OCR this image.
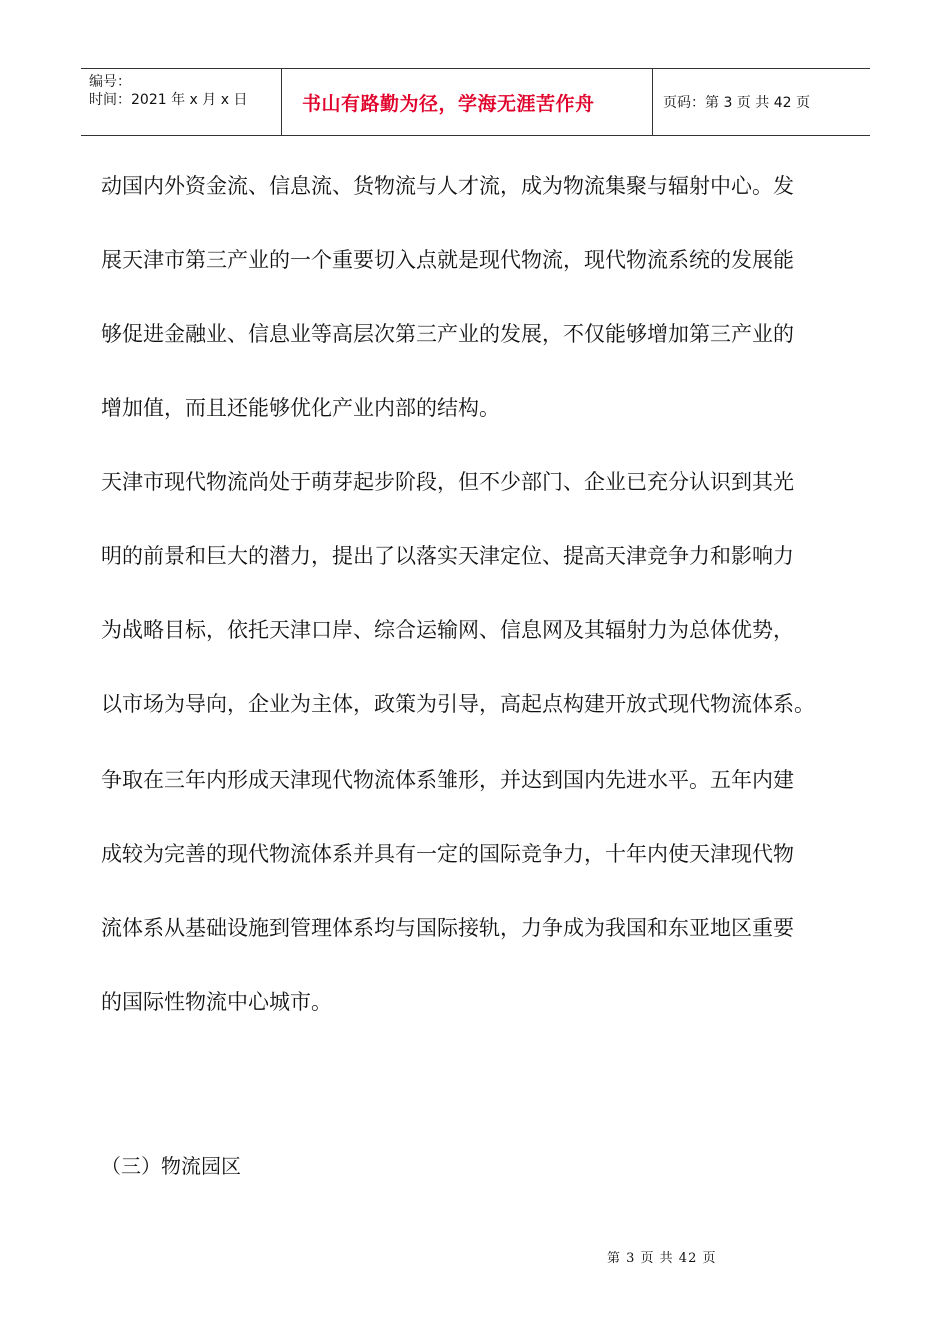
编号：
时间：2021 年 x 月 x 日	书山有路勤为径，学海无涯苦作舟	页码：第 3 页 共 42 页

动国内外资金流、信息流、货物流与人才流，成为物流集聚与辐射中心。发

展天津市第三产业的一个重要切入点就是现代物流，现代物流系统的发展能

够促进金融业、信息业等高层次第三产业的发展，不仅能够增加第三产业的

增加值，而且还能够优化产业内部的结构。

天津市现代物流尚处于萌芽起步阶段，但不少部门、企业已充分认识到其光

明的前景和巨大的潜力，提出了以落实天津定位、提高天津竞争力和影响力

为战略目标，依托天津口岸、综合运输网、信息网及其辐射力为总体优势，

以市场为导向，企业为主体，政策为引导，高起点构建开放式现代物流体系。

争取在三年内形成天津现代物流体系雏形，并达到国内先进水平。五年内建

成较为完善的现代物流体系并具有一定的国际竞争力，十年内使天津现代物

流体系从基础设施到管理体系均与国际接轨，力争成为我国和东亚地区重要

的国际性物流中心城市。

（三）物流园区

第 3 页 共 42 页
